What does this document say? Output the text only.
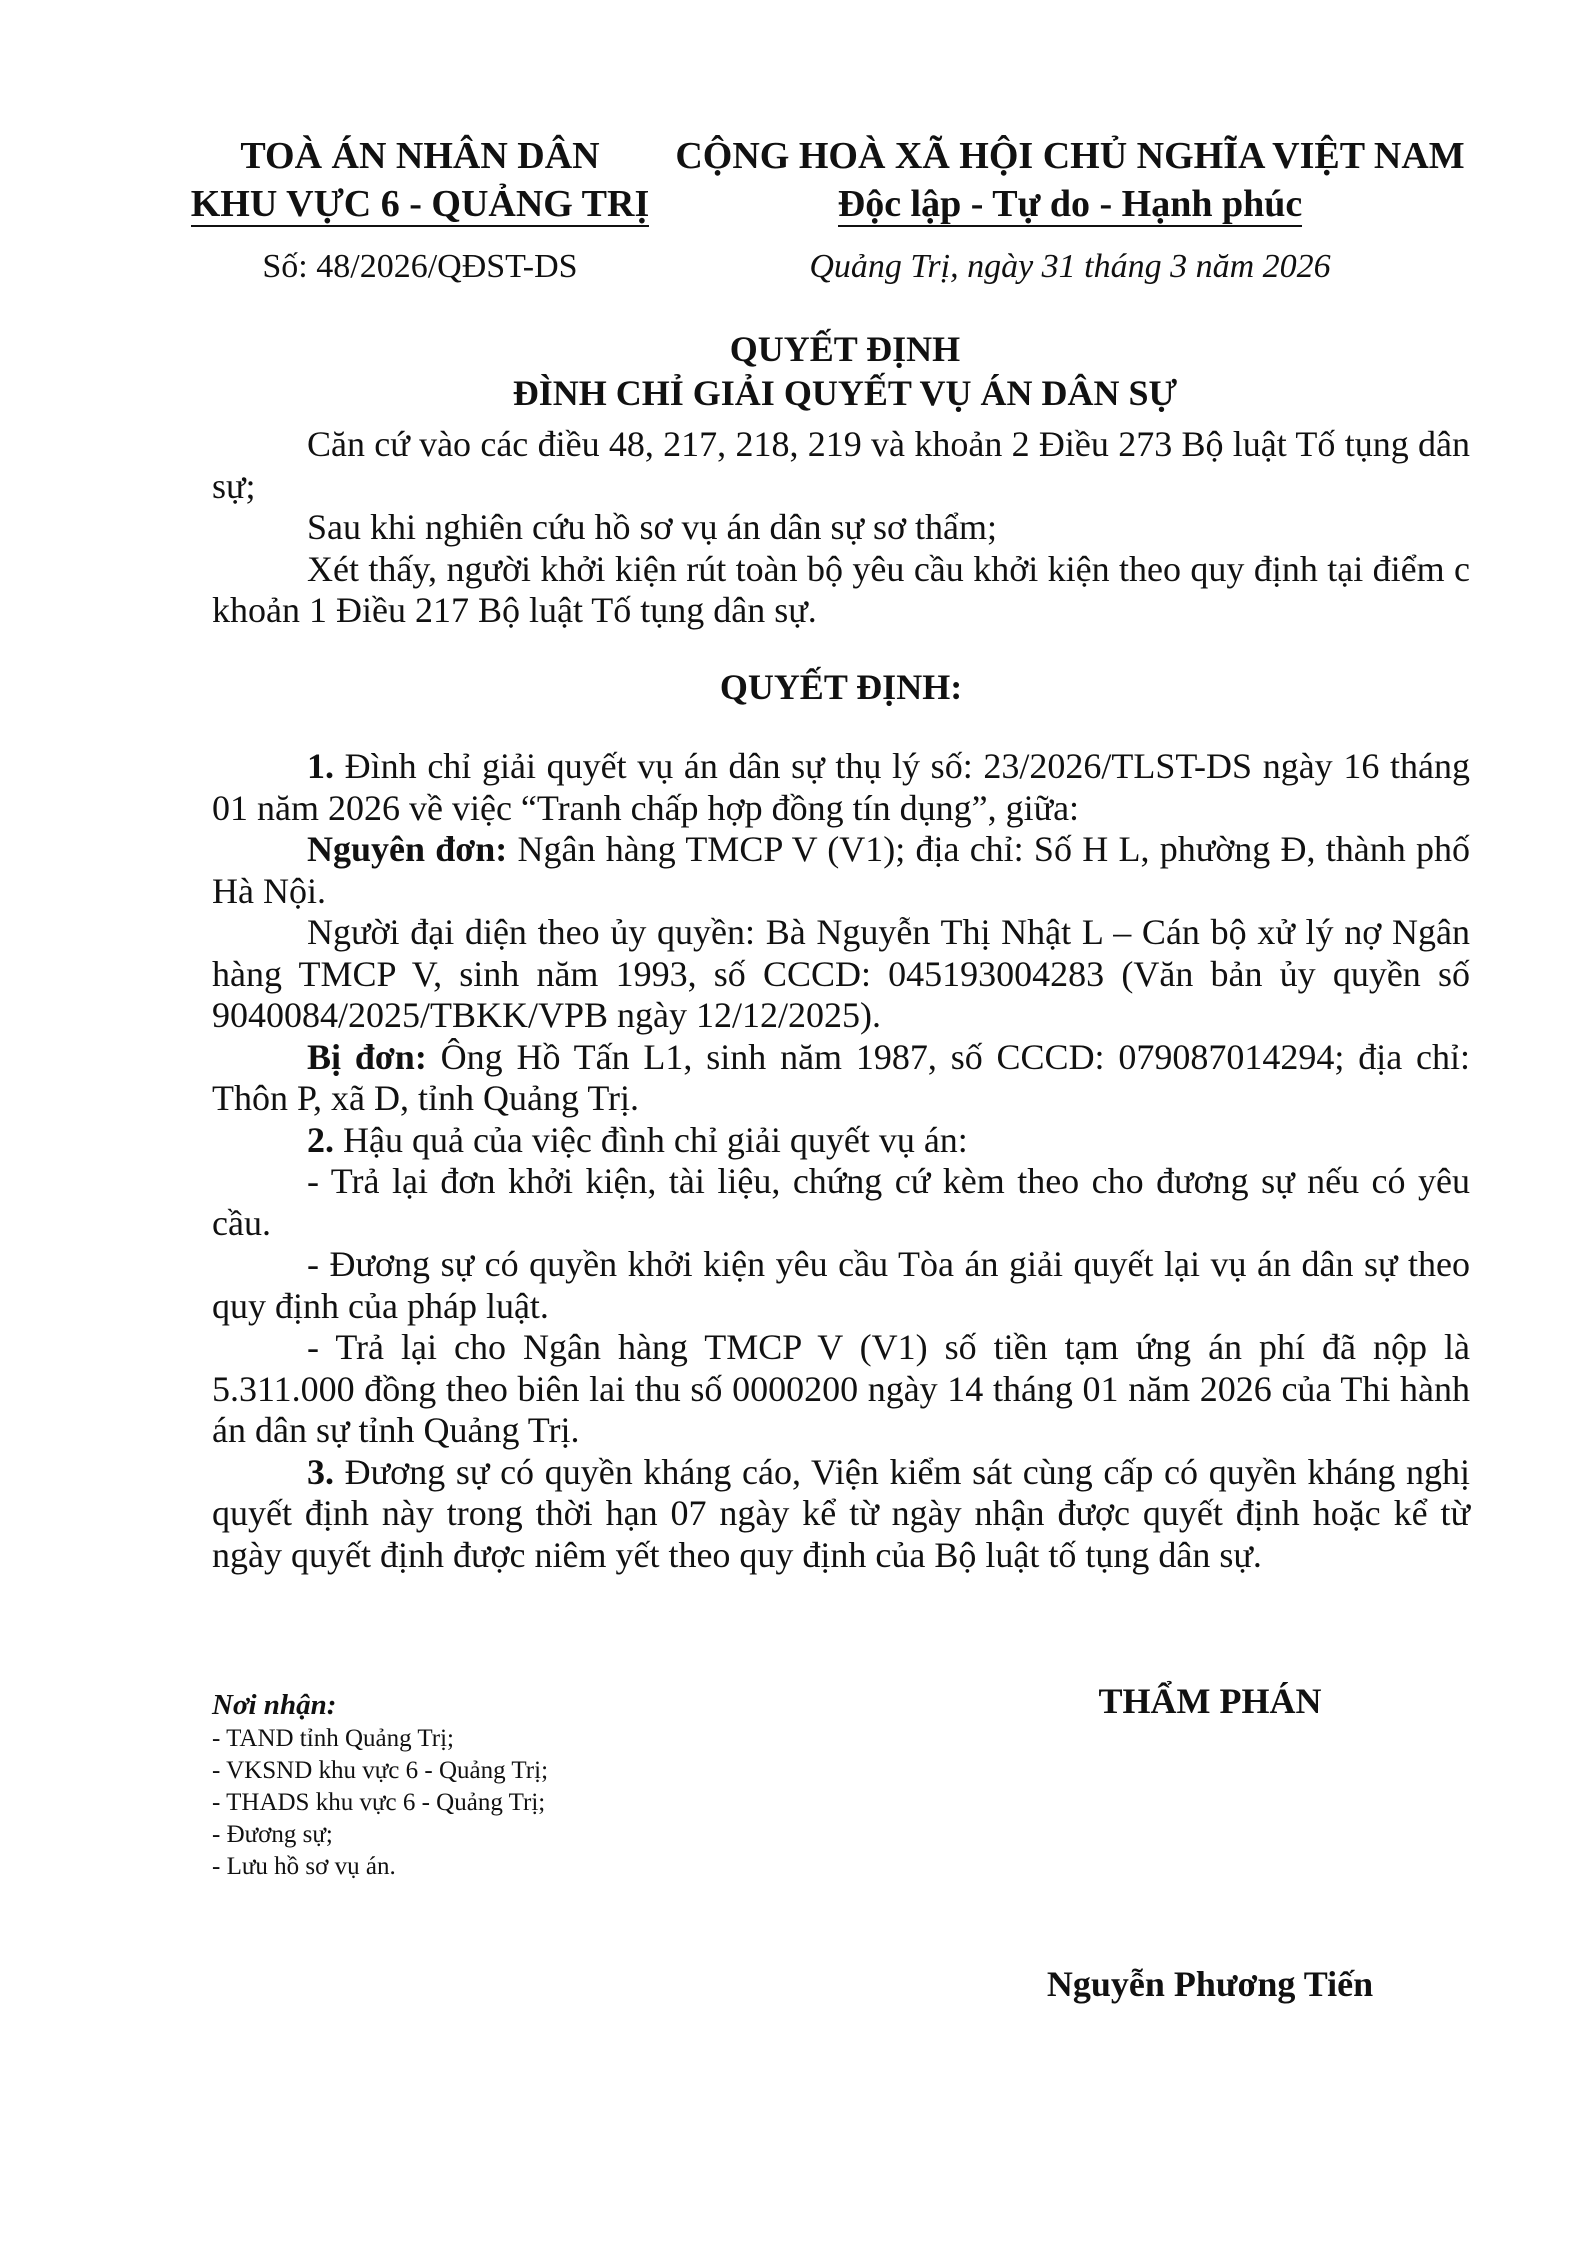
TOÀ ÁN NHÂN DÂN
KHU VỰC 6 - QUẢNG TRỊ
CỘNG HOÀ XÃ HỘI CHỦ NGHĨA VIỆT NAM
Độc lập - Tự do - Hạnh phúc
Số: 48/2026/QĐST-DS	Quảng Trị, ngày 31 tháng 3 năm 2026
QUYẾT ĐỊNH
ĐÌNH CHỈ GIẢI QUYẾT VỤ ÁN DÂN SỰ

Căn cứ vào các điều 48, 217, 218, 219 và khoản 2 Điều 273 Bộ luật Tố tụng dân sự;

Sau khi nghiên cứu hồ sơ vụ án dân sự sơ thẩm;

Xét thấy, người khởi kiện rút toàn bộ yêu cầu khởi kiện theo quy định tại điểm c khoản 1 Điều 217 Bộ luật Tố tụng dân sự.

QUYẾT ĐỊNH:

1. Đình chỉ giải quyết vụ án dân sự thụ lý số: 23/2026/TLST-DS ngày 16 tháng 01 năm 2026 về việc “Tranh chấp hợp đồng tín dụng”, giữa:

Nguyên đơn: Ngân hàng TMCP V (V1); địa chỉ: Số H L, phường Đ, thành phố Hà Nội.

Người đại diện theo ủy quyền: Bà Nguyễn Thị Nhật L – Cán bộ xử lý nợ Ngân hàng TMCP V, sinh năm 1993, số CCCD: 045193004283 (Văn bản ủy quyền số 9040084/2025/TBKK/VPB ngày 12/12/2025).

Bị đơn: Ông Hồ Tấn L1, sinh năm 1987, số CCCD: 079087014294; địa chỉ: Thôn P, xã D, tỉnh Quảng Trị.

2. Hậu quả của việc đình chỉ giải quyết vụ án:

- Trả lại đơn khởi kiện, tài liệu, chứng cứ kèm theo cho đương sự nếu có yêu cầu.

- Đương sự có quyền khởi kiện yêu cầu Tòa án giải quyết lại vụ án dân sự theo quy định của pháp luật.

- Trả lại cho Ngân hàng TMCP V (V1) số tiền tạm ứng án phí đã nộp là 5.311.000 đồng theo biên lai thu số 0000200 ngày 14 tháng 01 năm 2026 của Thi hành án dân sự tỉnh Quảng Trị.

3. Đương sự có quyền kháng cáo, Viện kiểm sát cùng cấp có quyền kháng nghị quyết định này trong thời hạn 07 ngày kể từ ngày nhận được quyết định hoặc kể từ ngày quyết định được niêm yết theo quy định của Bộ luật tố tụng dân sự.

Nơi nhận:
- TAND tỉnh Quảng Trị;
- VKSND khu vực 6 - Quảng Trị;
- THADS khu vực 6 - Quảng Trị;
- Đương sự;
- Lưu hồ sơ vụ án.
THẨM PHÁN
Nguyễn Phương Tiến
